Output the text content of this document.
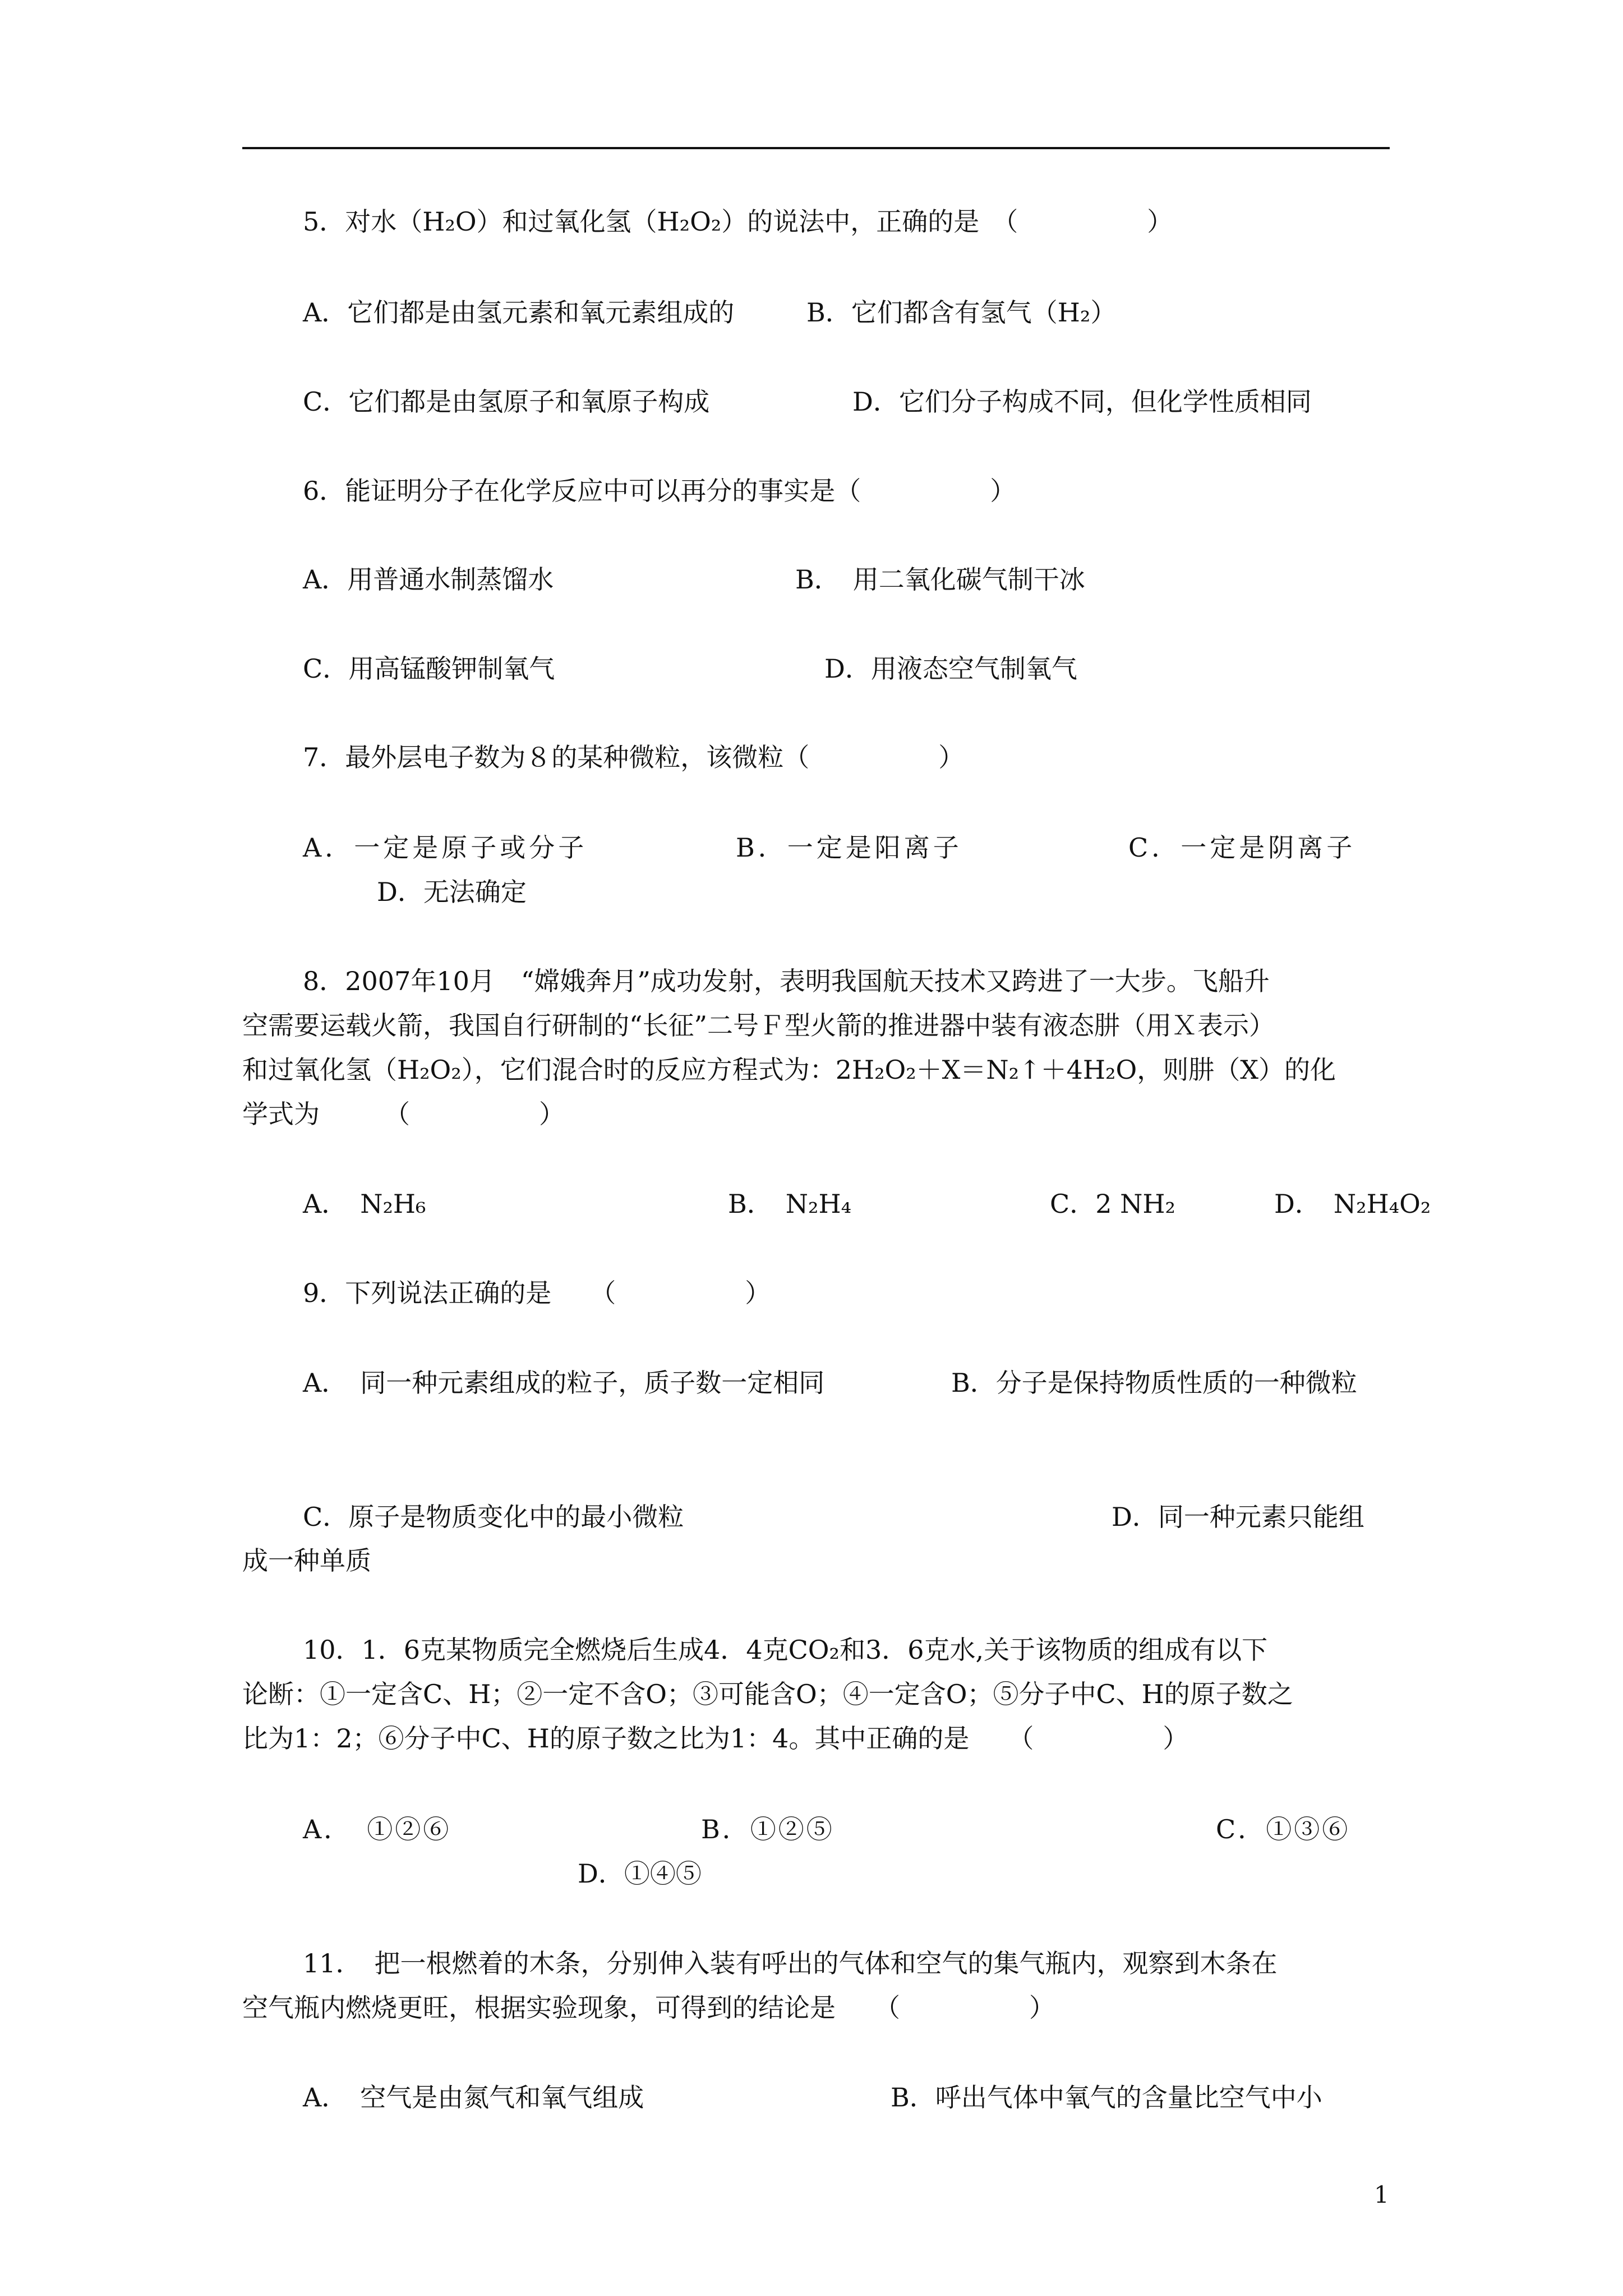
5．对水（H₂O）和过氧化氢（H₂O₂）的说法中，正确的是　（　　　　　）
A．它们都是由氢元素和氧元素组成的	B．它们都含有氢气（H₂）
C．它们都是由氢原子和氧原子构成	D．它们分子构成不同，但化学性质相同
6．能证明分子在化学反应中可以再分的事实是（　　　　　）
A．用普通水制蒸馏水	B．　用二氧化碳气制干冰
C．用高锰酸钾制氧气	D．用液态空气制氧气
7．最外层电子数为８的某种微粒，该微粒（　　　　　）
A．一定是原子或分子	B．一定是阳离子	C．一定是阴离子
D．无法确定
8．2007年10月　“嫦娥奔月”成功发射，表明我国航天技术又跨进了一大步。飞船升
空需要运载火箭，我国自行研制的“长征”二号Ｆ型火箭的推进器中装有液态肼（用Ｘ表示）
和过氧化氢（H₂O₂），它们混合时的反应方程式为：2H₂O₂＋X＝N₂↑＋4H₂O，则肼（X）的化
学式为　　　（　　　　　）
A．　N₂H₆	B．　N₂H₄	C．2 NH₂	D．　N₂H₄O₂
9．下列说法正确的是　　（　　　　　）
A．　同一种元素组成的粒子，质子数一定相同	B．分子是保持物质性质的一种微粒
C．原子是物质变化中的最小微粒	D．同一种元素只能组
成一种单质
10．1．6克某物质完全燃烧后生成4．4克CO₂和3．6克水,关于该物质的组成有以下
论断：①一定含C、H；②一定不含O；③可能含O；④一定含O；⑤分子中C、H的原子数之
比为1：2；⑥分子中C、H的原子数之比为1：4。其中正确的是　　（　　　　　）
A．　①②⑥	B．①②⑤	C．①③⑥
D．①④⑤
11．　把一根燃着的木条，分别伸入装有呼出的气体和空气的集气瓶内，观察到木条在
空气瓶内燃烧更旺，根据实验现象，可得到的结论是　　（　　　　　）
A．　空气是由氮气和氧气组成	B．呼出气体中氧气的含量比空气中小
1
